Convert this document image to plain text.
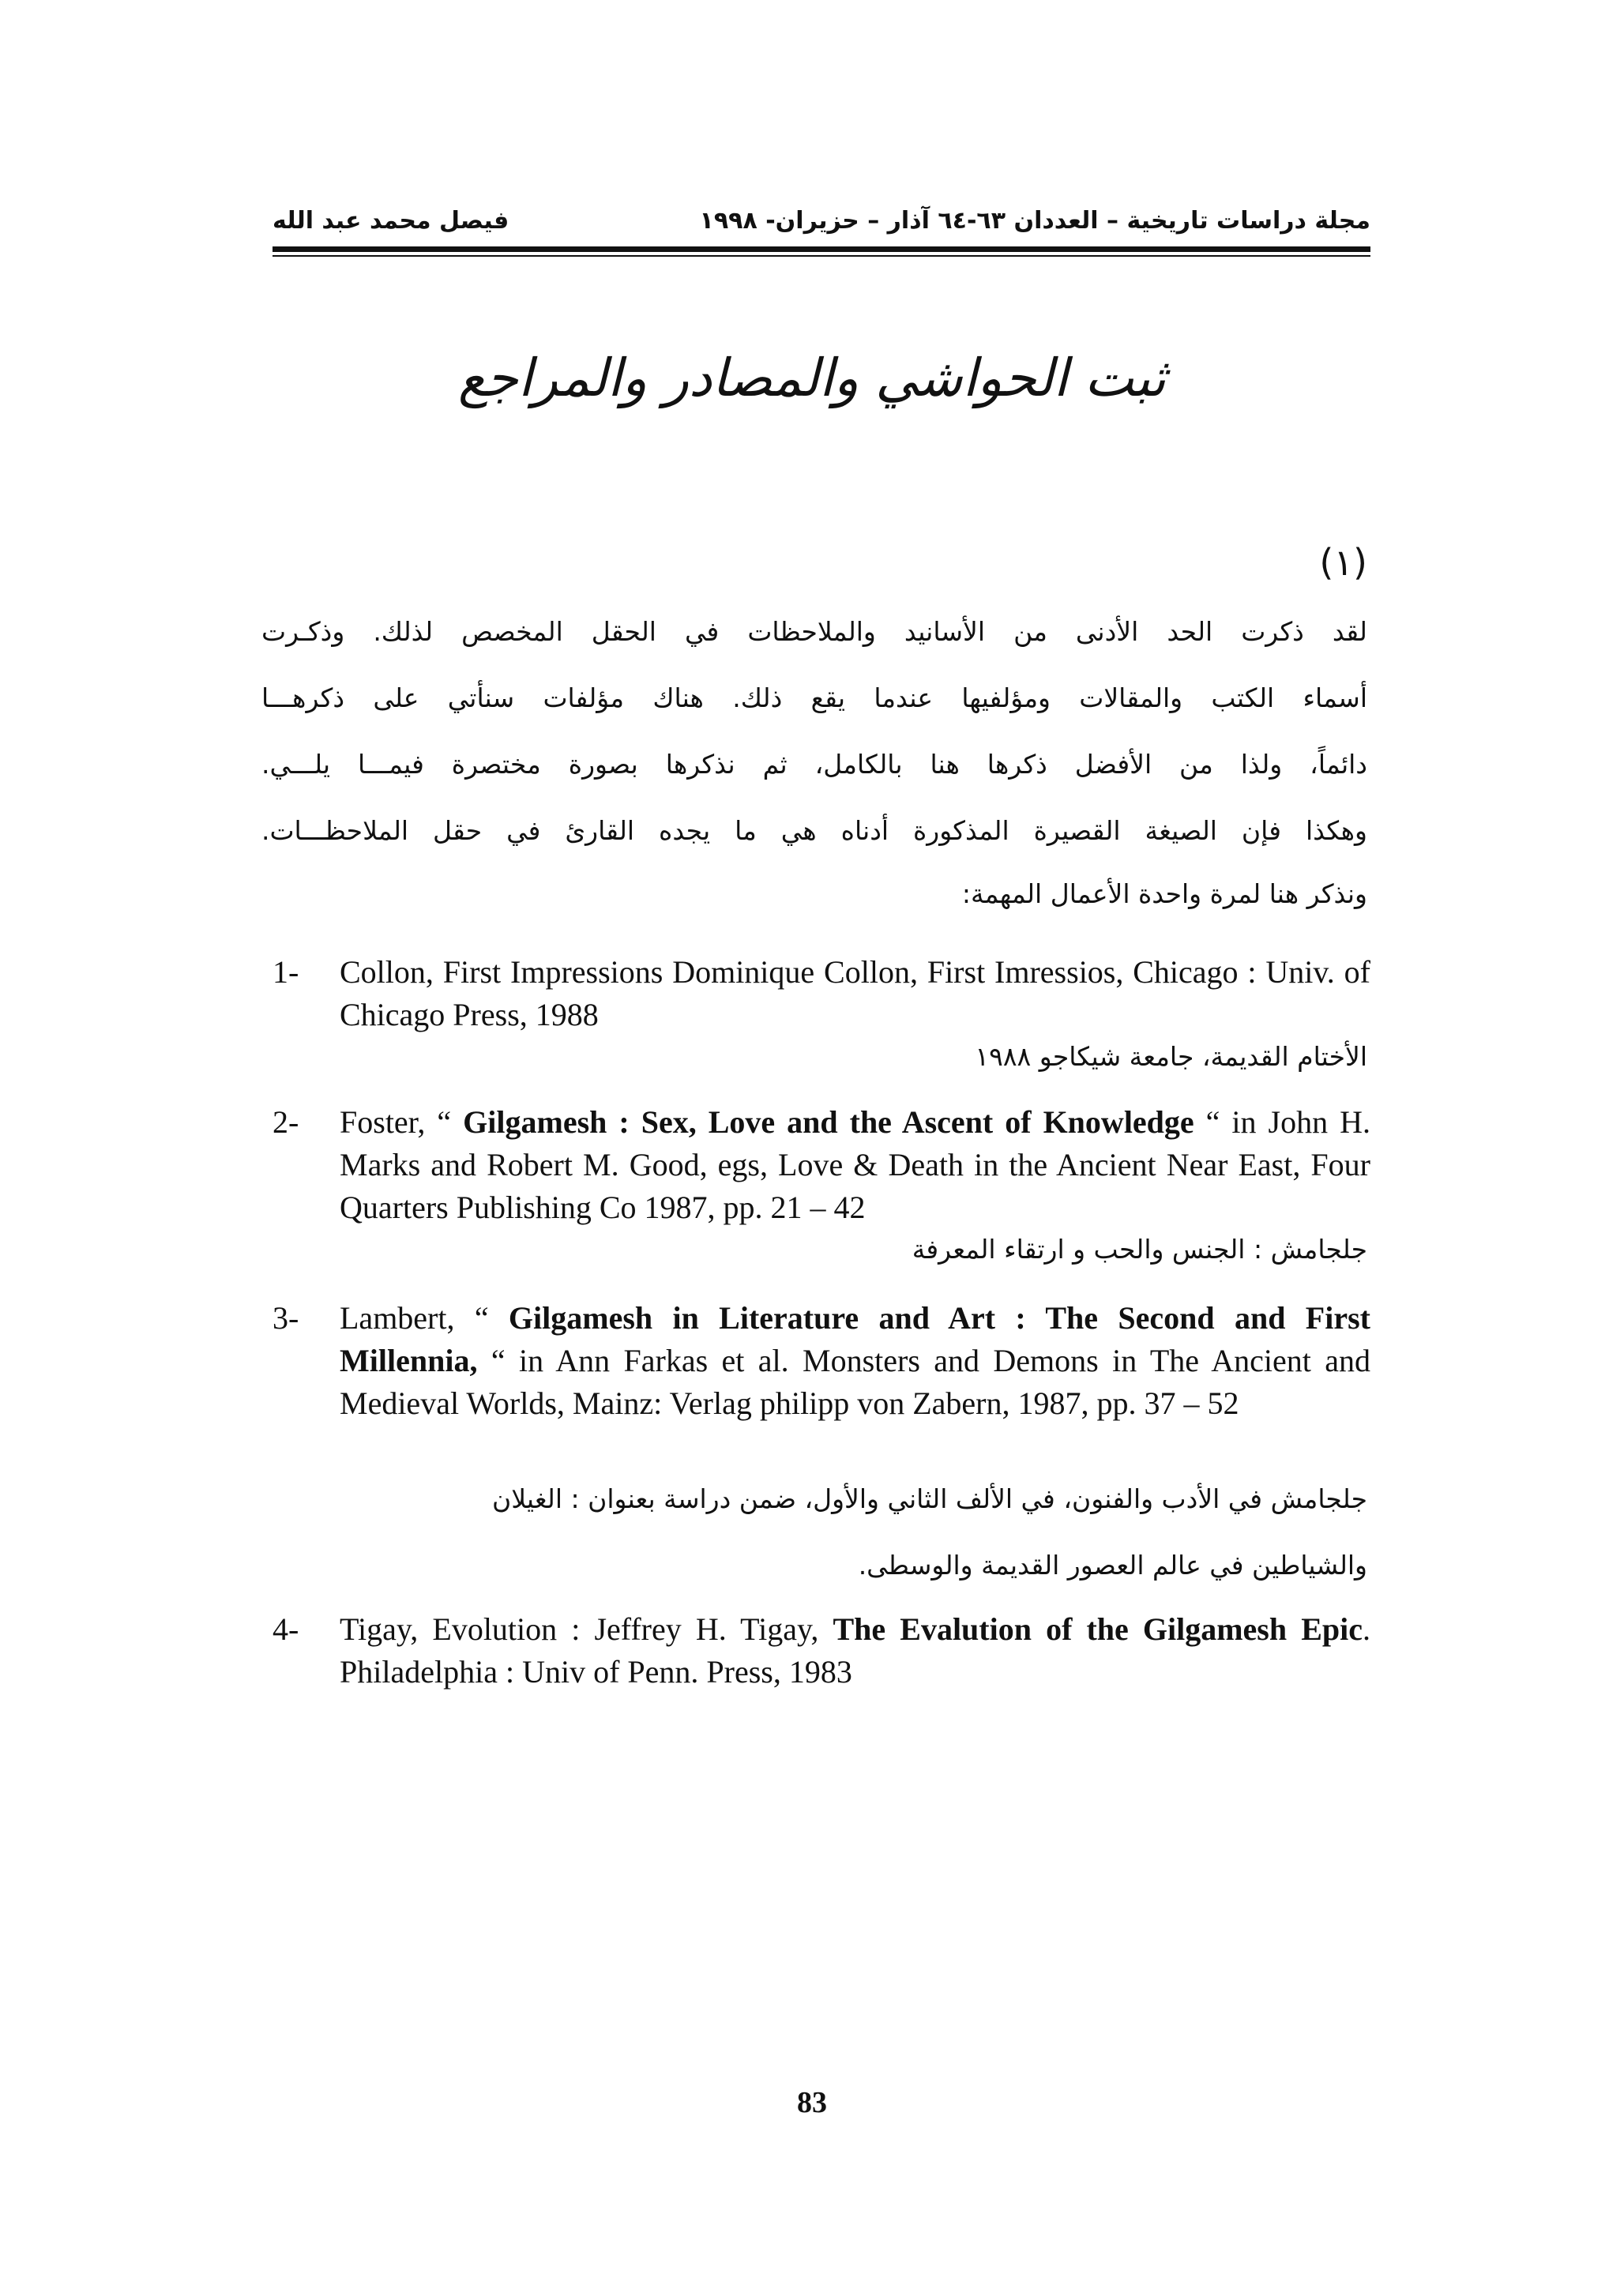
مجلة دراسات تاريخية – العددان ٦٣-٦٤ آذار – حزيران- ١٩٩٨
فيصل محمد عبد الله
ثبت الحواشي والمصادر والمراجع
(١)
لقد ذكرت الحد الأدنى من الأسانيد والملاحظات في الحقل المخصص لذلك. وذكـرت
أسماء الكتب والمقالات ومؤلفيها عندما يقع ذلك. هناك مؤلفات سنأتي على ذكرهـــا
دائماً، ولذا من الأفضل ذكرها هنا بالكامل، ثم نذكرها بصورة مختصرة فيمـــا يلـــي.
وهكذا فإن الصيغة القصيرة المذكورة أدناه هي ما يجده القارئ في حقل الملاحظـــات.
ونذكر هنا لمرة واحدة الأعمال المهمة:
1- Collon, First Impressions Dominique Collon, First Imressios, Chicago : Univ. of Chicago Press, 1988
الأختام القديمة، جامعة شيكاجو ١٩٨٨
2- Foster, “ Gilgamesh : Sex, Love and the Ascent of Knowledge “ in John H. Marks and Robert M. Good, egs, Love & Death in the Ancient Near East, Four Quarters Publishing Co 1987, pp. 21 – 42
جلجامش : الجنس والحب و ارتقاء المعرفة
3- Lambert, “ Gilgamesh in Literature and Art : The Second and First Millennia, “ in Ann Farkas et al. Monsters and Demons in The Ancient and Medieval Worlds, Mainz: Verlag philipp von Zabern, 1987, pp. 37 – 52
جلجامش في الأدب والفنون، في الألف الثاني والأول، ضمن دراسة بعنوان : الغيلان
والشياطين في عالم العصور القديمة والوسطى.
4- Tigay, Evolution : Jeffrey H. Tigay, The Evalution of the Gilgamesh Epic. Philadelphia : Univ of Penn. Press, 1983
83
